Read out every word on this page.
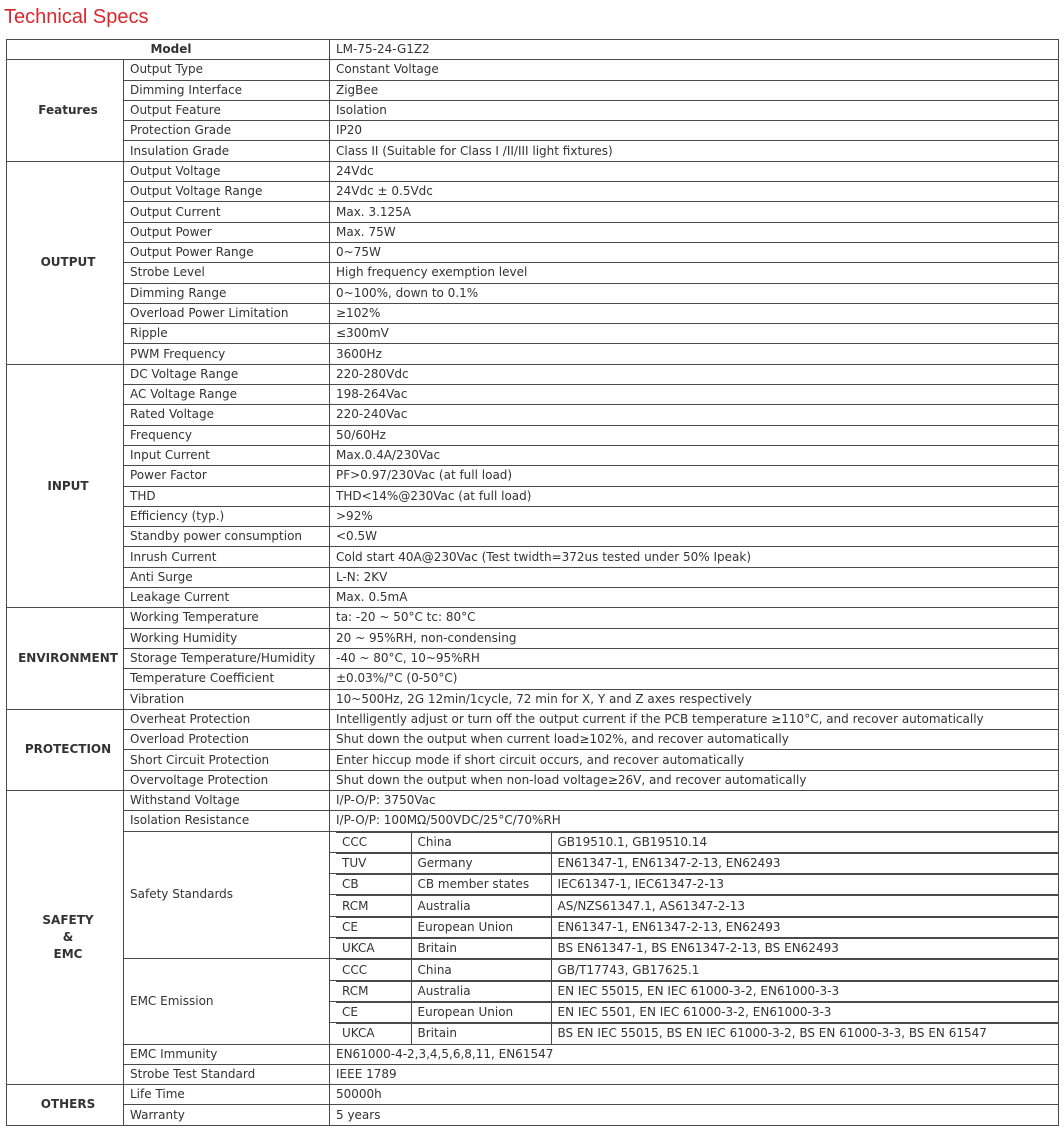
Technical Specs
Model	LM-75-24-G1Z2
Features	Output Type	Constant Voltage
Dimming Interface	ZigBee
Output Feature	Isolation
Protection Grade	IP20
Insulation Grade	Class II (Suitable for Class I /II/III light fixtures)
OUTPUT	Output Voltage	24Vdc
Output Voltage Range	24Vdc ± 0.5Vdc
Output Current	Max. 3.125A
Output Power	Max. 75W
Output Power Range	0~75W
Strobe Level	High frequency exemption level
Dimming Range	0~100%, down to 0.1%
Overload Power Limitation	≥102%
Ripple	≤300mV
PWM Frequency	3600Hz
INPUT	DC Voltage Range	220-280Vdc
AC Voltage Range	198-264Vac
Rated Voltage	220-240Vac
Frequency	50/60Hz
Input Current	Max.0.4A/230Vac
Power Factor	PF>0.97/230Vac (at full load)
THD	THD<14%@230Vac (at full load)
Efficiency (typ.)	>92%
Standby power consumption	<0.5W
Inrush Current	Cold start 40A@230Vac (Test twidth=372us tested under 50% Ipeak)
Anti Surge	L-N: 2KV
Leakage Current	Max. 0.5mA
ENVIRONMENT	Working Temperature	ta: -20 ~ 50°C tc: 80°C
Working Humidity	20 ~ 95%RH, non-condensing
Storage Temperature/Humidity	-40 ~ 80°C, 10~95%RH
Temperature Coefficient	±0.03%/°C (0-50°C)
Vibration	10~500Hz, 2G 12min/1cycle, 72 min for X, Y and Z axes respectively
PROTECTION	Overheat Protection	Intelligently adjust or turn off the output current if the PCB temperature ≥110°C, and recover automatically
Overload Protection	Shut down the output when current load≥102%, and recover automatically
Short Circuit Protection	Enter hiccup mode if short circuit occurs, and recover automatically
Overvoltage Protection	Shut down the output when non-load voltage≥26V, and recover automatically

SAFETY
&
EMC
	Withstand Voltage	I/P-O/P: 3750Vac
Isolation Resistance	I/P-O/P: 100MΩ/500VDC/25°C/70%RH
Safety Standards	
CCC	China	GB19510.1, GB19510.14

TUV	Germany	EN61347-1, EN61347-2-13, EN62493

CB	CB member states	IEC61347-1, IEC61347-2-13

RCM	Australia	AS/NZS61347.1, AS61347-2-13

CE	European Union	EN61347-1, EN61347-2-13, EN62493

UKCA	Britain	BS EN61347-1, BS EN61347-2-13, BS EN62493

EMC Emission	
CCC	China	GB/T17743, GB17625.1

RCM	Australia	EN IEC 55015, EN IEC 61000-3-2, EN61000-3-3

CE	European Union	EN IEC 5501, EN IEC 61000-3-2, EN61000-3-3

UKCA	Britain	BS EN IEC 55015, BS EN IEC 61000-3-2, BS EN 61000-3-3, BS EN 61547

EMC Immunity	EN61000-4-2,3,4,5,6,8,11, EN61547
Strobe Test Standard	IEEE 1789
OTHERS	Life Time	50000h
Warranty	5 years
